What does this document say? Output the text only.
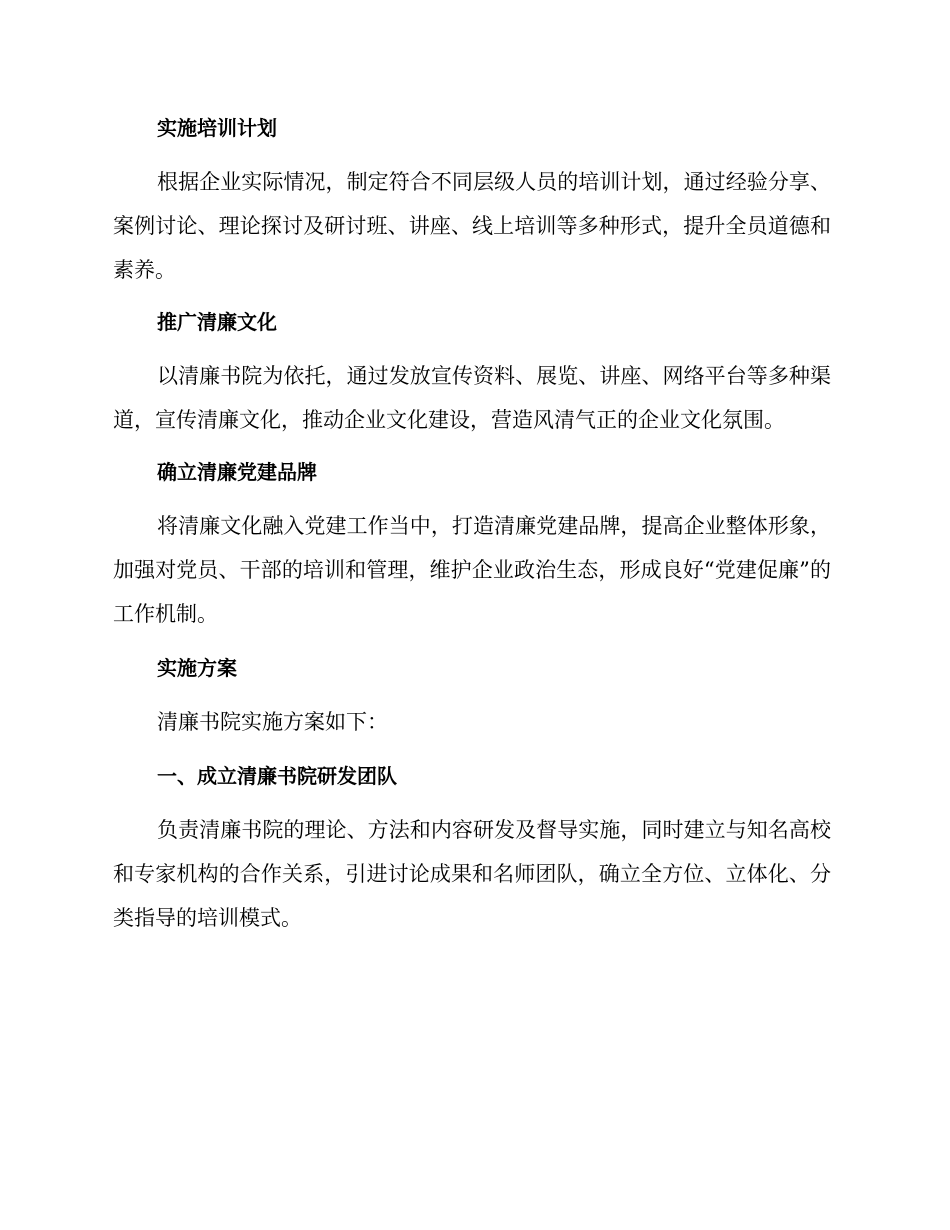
实施培训计划

根据企业实际情况，制定符合不同层级人员的培训计划，通过经验分享、案例讨论、理论探讨及研讨班、讲座、线上培训等多种形式，提升全员道德和素养。

推广清廉文化

以清廉书院为依托，通过发放宣传资料、展览、讲座、网络平台等多种渠道，宣传清廉文化，推动企业文化建设，营造风清气正的企业文化氛围。

确立清廉党建品牌

将清廉文化融入党建工作当中，打造清廉党建品牌，提高企业整体形象，加强对党员、干部的培训和管理，维护企业政治生态，形成良好“党建促廉”的工作机制。

实施方案

清廉书院实施方案如下：

一、成立清廉书院研发团队

负责清廉书院的理论、方法和内容研发及督导实施，同时建立与知名高校和专家机构的合作关系，引进讨论成果和名师团队，确立全方位、立体化、分类指导的培训模式。
